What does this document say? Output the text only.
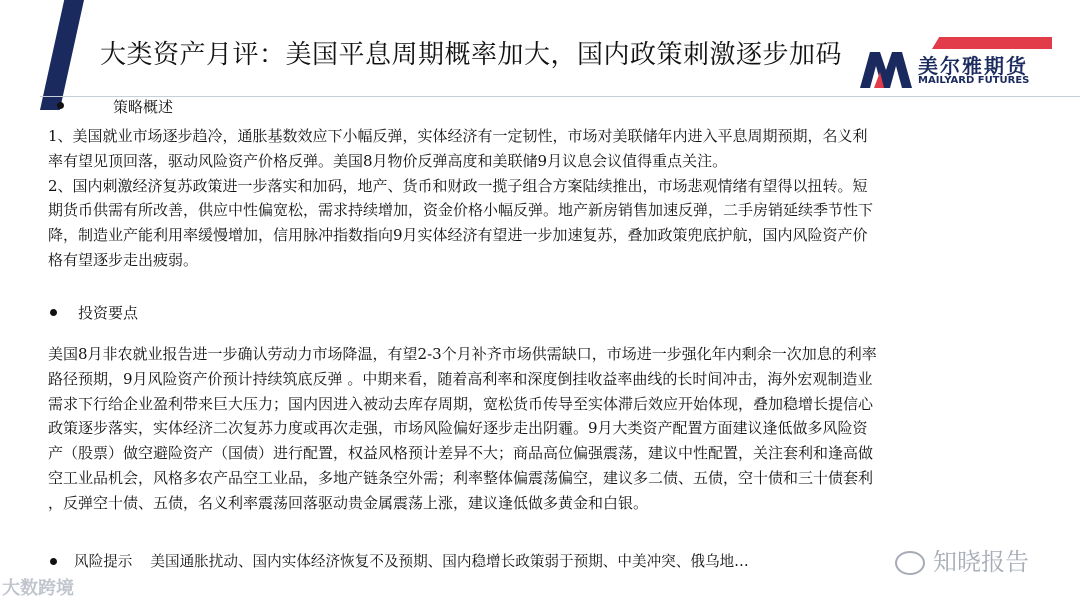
大类资产月评：美国平息周期概率加大，国内政策刺激逐步加码	美尔雅期货
MAILYARD FUTURES
策略概述

1、美国就业市场逐步趋冷，通胀基数效应下小幅反弹，实体经济有一定韧性，市场对美联储年内进入平息周期预期，名义利

率有望见顶回落，驱动风险资产价格反弹。美国8月物价反弹高度和美联储9月议息会议值得重点关注。

2、国内刺激经济复苏政策进一步落实和加码，地产、货币和财政一揽子组合方案陆续推出，市场悲观情绪有望得以扭转。短

期货币供需有所改善，供应中性偏宽松，需求持续增加，资金价格小幅反弹。地产新房销售加速反弹，二手房销延续季节性下

降，制造业产能利用率缓慢增加，信用脉冲指数指向9月实体经济有望进一步加速复苏，叠加政策兜底护航，国内风险资产价

格有望逐步走出疲弱。

投资要点

美国8月非农就业报告进一步确认劳动力市场降温，有望2-3个月补齐市场供需缺口，市场进一步强化年内剩余一次加息的利率

路径预期，9月风险资产价预计持续筑底反弹 。中期来看，随着高利率和深度倒挂收益率曲线的长时间冲击，海外宏观制造业

需求下行给企业盈利带来巨大压力；国内因进入被动去库存周期，宽松货币传导至实体滞后效应开始体现，叠加稳增长提信心

政策逐步落实，实体经济二次复苏力度或再次走强，市场风险偏好逐步走出阴霾。9月大类资产配置方面建议逢低做多风险资

产（股票）做空避险资产（国债）进行配置，权益风格预计差异不大；商品高位偏强震荡，建议中性配置，关注套利和逢高做

空工业品机会，风格多农产品空工业品，多地产链条空外需；利率整体偏震荡偏空，建议多二债、五债，空十债和三十债套利

，反弹空十债、五债，名义利率震荡回落驱动贵金属震荡上涨，建议逢低做多黄金和白银。

风险提示 美国通胀扰动、国内实体经济恢复不及预期、国内稳增长政策弱于预期、中美冲突、俄乌地…
大数跨境
知晓报告
